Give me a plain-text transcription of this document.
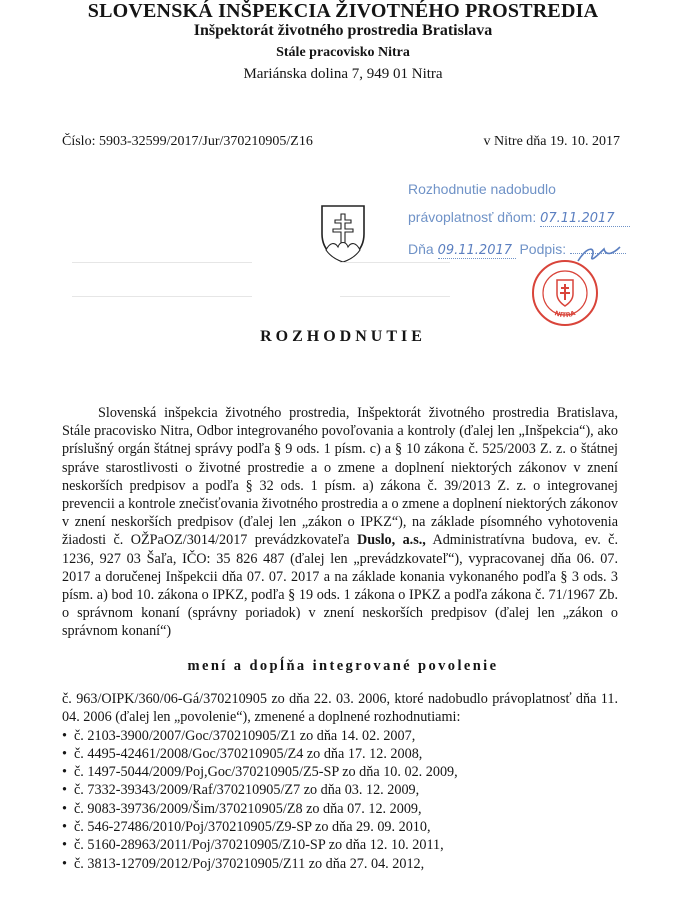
SLOVENSKÁ INŠPEKCIA ŽIVOTNÉHO PROSTREDIA
Inšpektorát životného prostredia Bratislava
Stále pracovisko Nitra
Mariánska dolina 7, 949 01 Nitra
Číslo: 5903-32599/2017/Jur/370210905/Z16	v Nitre dňa 19. 10. 2017
Rozhodnutie nadobudlo
právoplatnosť dňom: 07.11.2017
Dňa 09.11.2017 Podpis:
NITRA
ROZHODNUTIE

Slovenská inšpekcia životného prostredia, Inšpektorát životného prostredia Bratislava, Stále pracovisko Nitra, Odbor integrovaného povoľovania a kontroly (ďalej len „Inšpekcia“), ako príslušný orgán štátnej správy podľa § 9 ods. 1 písm. c) a § 10 zákona č. 525/2003 Z. z. o štátnej správe starostlivosti o životné prostredie a o zmene a doplnení niektorých zákonov v znení neskorších predpisov a podľa § 32 ods. 1 písm. a) zákona č. 39/2013 Z. z. o integrovanej prevencii a kontrole znečisťovania životného prostredia a o zmene a doplnení niektorých zákonov v znení neskorších predpisov (ďalej len „zákon o IPKZ“), na základe písomného vyhotovenia žiadosti č. OŽPaOZ/3014/2017 prevádzkovateľa Duslo, a.s., Administratívna budova, ev. č. 1236, 927 03 Šaľa, IČO: 35 826 487 (ďalej len „prevádzkovateľ“), vypracovanej dňa 06. 07. 2017 a doručenej Inšpekcii dňa 07. 07. 2017 a na základe konania vykonaného podľa § 3 ods. 3 písm. a) bod 10. zákona o IPKZ, podľa § 19 ods. 1 zákona o IPKZ a podľa zákona č. 71/1967 Zb. o správnom konaní (správny poriadok) v znení neskorších predpisov (ďalej len „zákon o správnom konaní“)

mení a dopĺňa integrované povolenie

č. 963/OIPK/360/06-Gá/370210905 zo dňa 22. 03. 2006, ktoré nadobudlo právoplatnosť dňa 11. 04. 2006 (ďalej len „povolenie“), zmenené a doplnené rozhodnutiami:

• č. 2103-3900/2007/Goc/370210905/Z1 zo dňa 14. 02. 2007,
• č. 4495-42461/2008/Goc/370210905/Z4 zo dňa 17. 12. 2008,
• č. 1497-5044/2009/Poj,Goc/370210905/Z5-SP zo dňa 10. 02. 2009,
• č. 7332-39343/2009/Raf/370210905/Z7 zo dňa 03. 12. 2009,
• č. 9083-39736/2009/Šim/370210905/Z8 zo dňa 07. 12. 2009,
• č. 546-27486/2010/Poj/370210905/Z9-SP zo dňa 29. 09. 2010,
• č. 5160-28963/2011/Poj/370210905/Z10-SP zo dňa 12. 10. 2011,
• č. 3813-12709/2012/Poj/370210905/Z11 zo dňa 27. 04. 2012,
